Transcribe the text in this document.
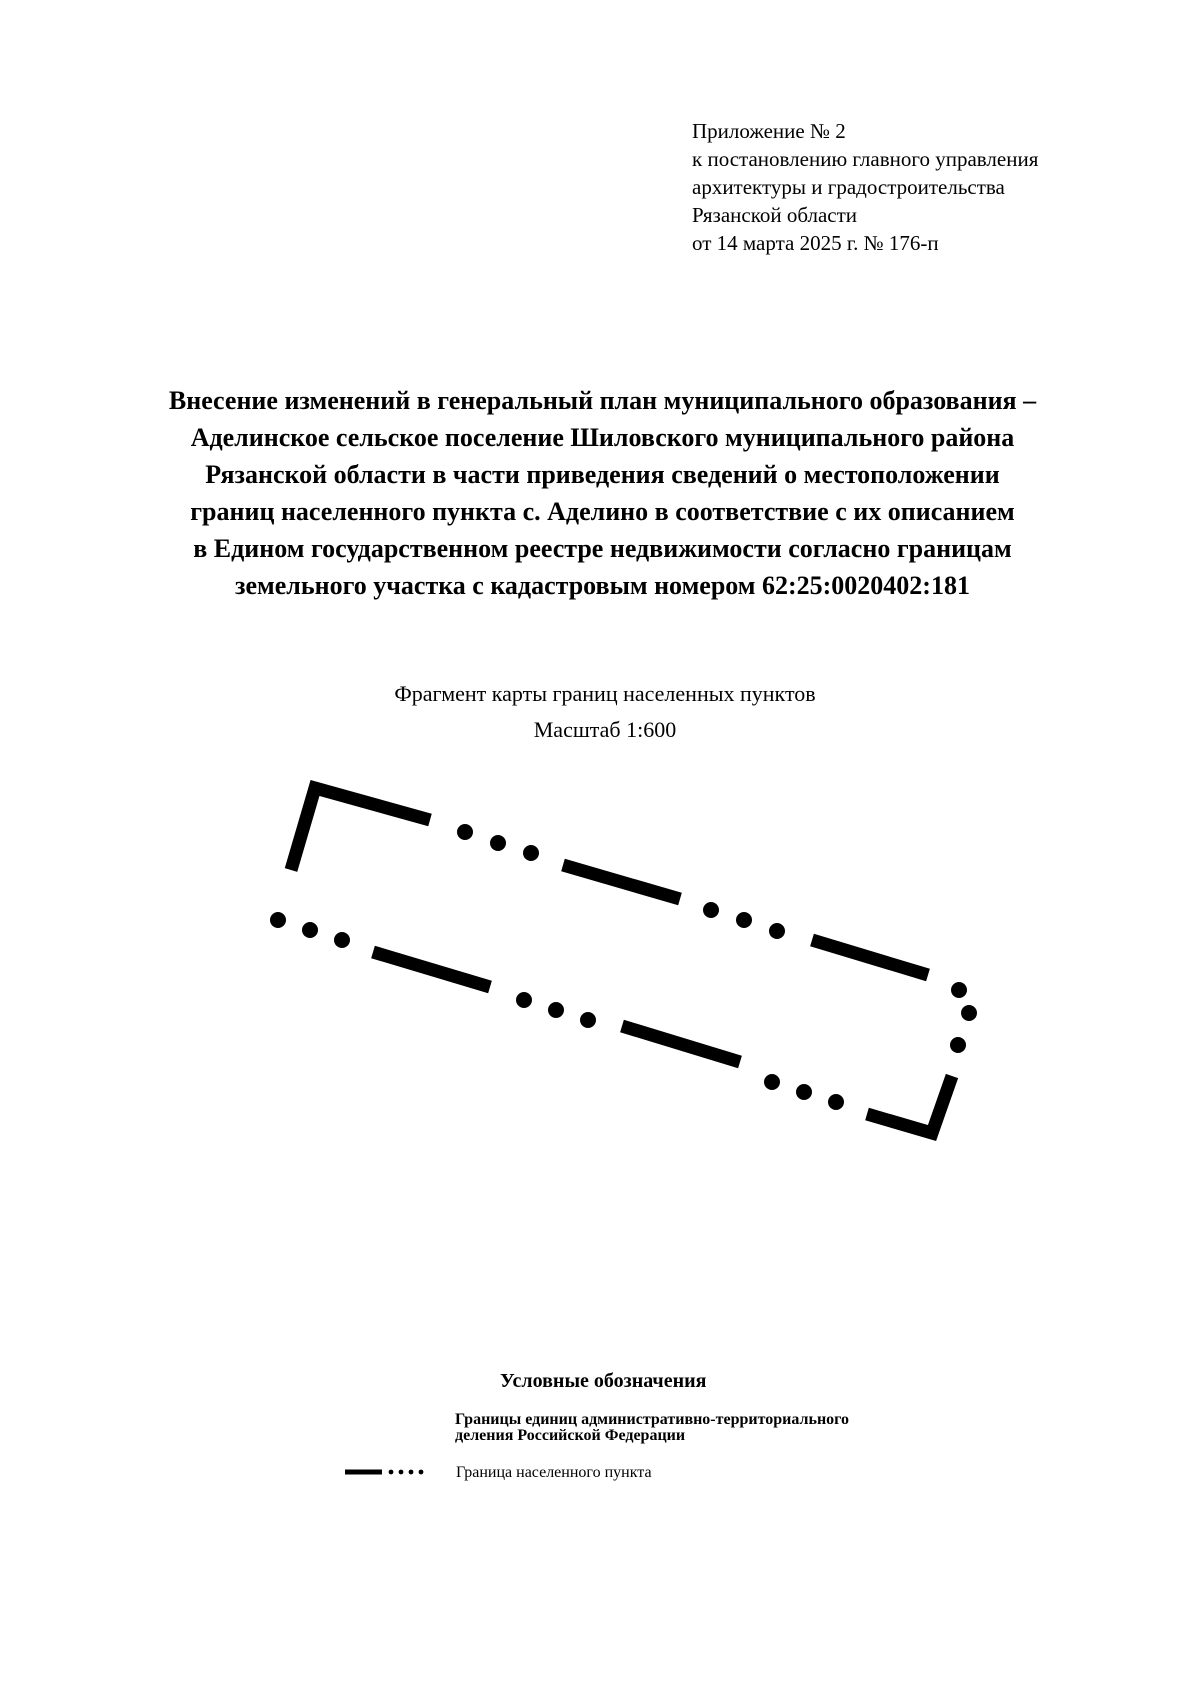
Приложение № 2
к постановлению главного управления
архитектуры и градостроительства
Рязанской области
от 14 марта 2025 г. № 176-п
Внесение изменений в генеральный план муниципального образования –
Аделинское сельское поселение Шиловского муниципального района
Рязанской области в части приведения сведений о местоположении
границ населенного пункта с. Аделино в соответствие с их описанием
в Едином государственном реестре недвижимости согласно границам
земельного участка с кадастровым номером 62:25:0020402:181
Фрагмент карты границ населенных пунктов
Масштаб 1:600
Условные обозначения
Границы единиц административно-территориального
деления Российской Федерации
Граница населенного пункта
